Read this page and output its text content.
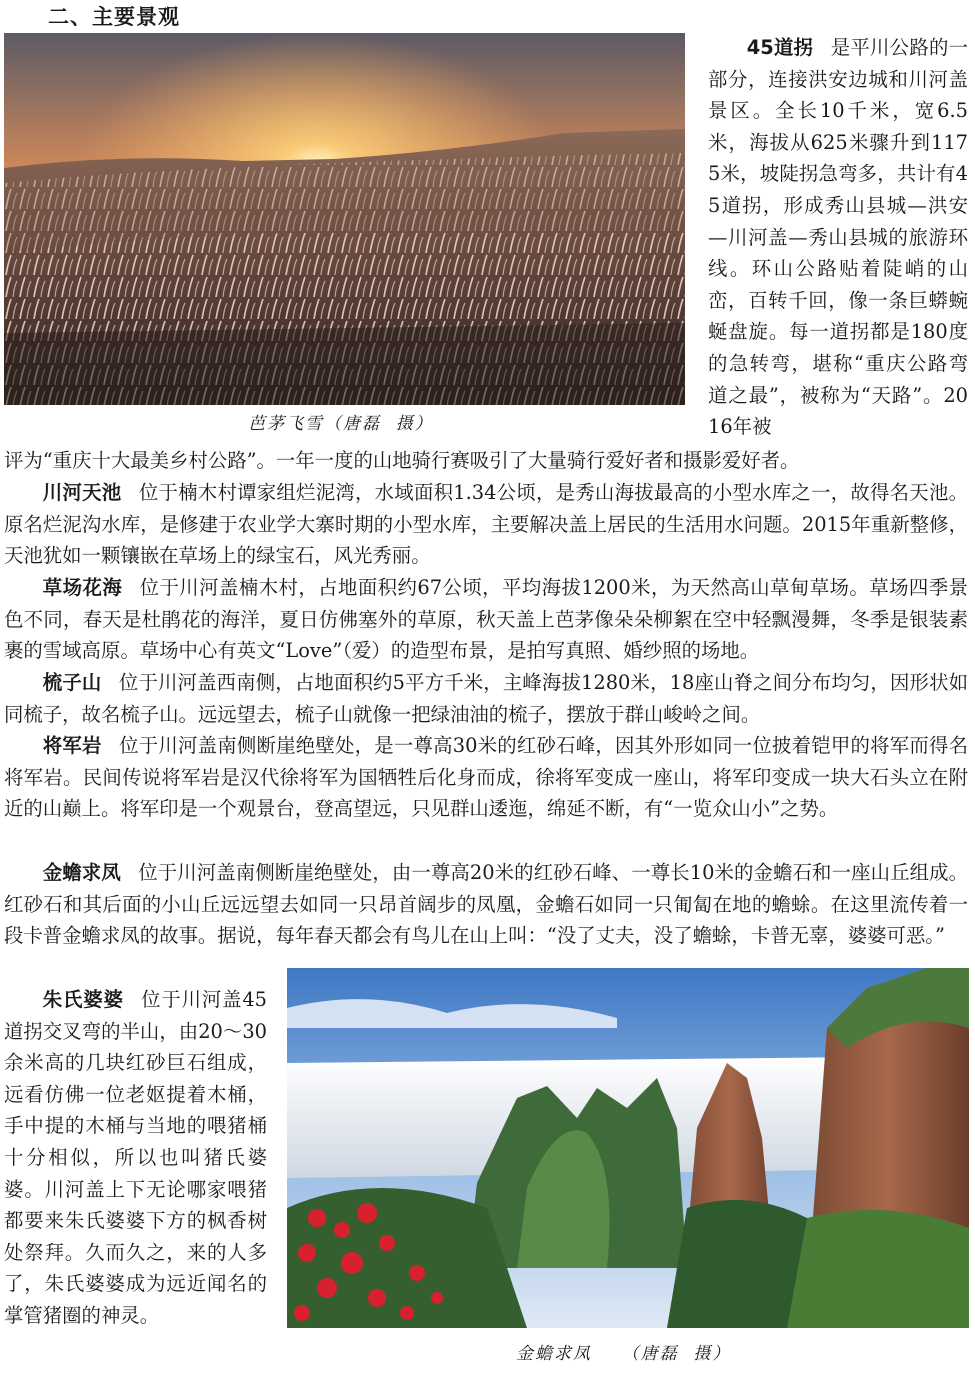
二、主要景观
芭茅飞雪（唐磊  摄）

45道拐 是平川公路的一部分，连接洪安边城和川河盖景区。全长10千米，宽6.5米，海拔从625米骤升到1175米，坡陡拐急弯多，共计有45道拐，形成秀山县城—洪安—川河盖—秀山县城的旅游环线。环山公路贴着陡峭的山峦，百转千回，像一条巨蟒蜿蜒盘旋。每一道拐都是180度的急转弯，堪称“重庆公路弯道之最”，被称为“天路”。2016年被

评为“重庆十大最美乡村公路”。一年一度的山地骑行赛吸引了大量骑行爱好者和摄影爱好者。

川河天池 位于楠木村谭家组烂泥湾，水域面积1.34公顷，是秀山海拔最高的小型水库之一，故得名天池。原名烂泥沟水库，是修建于农业学大寨时期的小型水库，主要解决盖上居民的生活用水问题。2015年重新整修，天池犹如一颗镶嵌在草场上的绿宝石，风光秀丽。

草场花海 位于川河盖楠木村，占地面积约67公顷，平均海拔1200米，为天然高山草甸草场。草场四季景色不同，春天是杜鹃花的海洋，夏日仿佛塞外的草原，秋天盖上芭茅像朵朵柳絮在空中轻飘漫舞，冬季是银装素裹的雪域高原。草场中心有英文“Love”（爱）的造型布景，是拍写真照、婚纱照的场地。

梳子山 位于川河盖西南侧，占地面积约5平方千米，主峰海拔1280米，18座山脊之间分布均匀，因形状如同梳子，故名梳子山。远远望去，梳子山就像一把绿油油的梳子，摆放于群山峻岭之间。

将军岩 位于川河盖南侧断崖绝壁处，是一尊高30米的红砂石峰，因其外形如同一位披着铠甲的将军而得名将军岩。民间传说将军岩是汉代徐将军为国牺牲后化身而成，徐将军变成一座山，将军印变成一块大石头立在附近的山巅上。将军印是一个观景台，登高望远，只见群山逶迤，绵延不断，有“一览众山小”之势。

金蟾求凤 位于川河盖南侧断崖绝壁处，由一尊高20米的红砂石峰、一尊长10米的金蟾石和一座山丘组成。红砂石和其后面的小山丘远远望去如同一只昂首阔步的凤凰，金蟾石如同一只匍匐在地的蟾蜍。在这里流传着一段卡普金蟾求凤的故事。据说，每年春天都会有鸟儿在山上叫：“没了丈夫，没了蟾蜍，卡普无辜，婆婆可恶。”

朱氏婆婆 位于川河盖45道拐交叉弯的半山，由20～30余米高的几块红砂巨石组成，远看仿佛一位老妪提着木桶，手中提的木桶与当地的喂猪桶十分相似，所以也叫猪氏婆婆。川河盖上下无论哪家喂猪都要来朱氏婆婆下方的枫香树处祭拜。久而久之，来的人多了，朱氏婆婆成为远近闻名的掌管猪圈的神灵。

金蟾求凤    （唐磊  摄）
